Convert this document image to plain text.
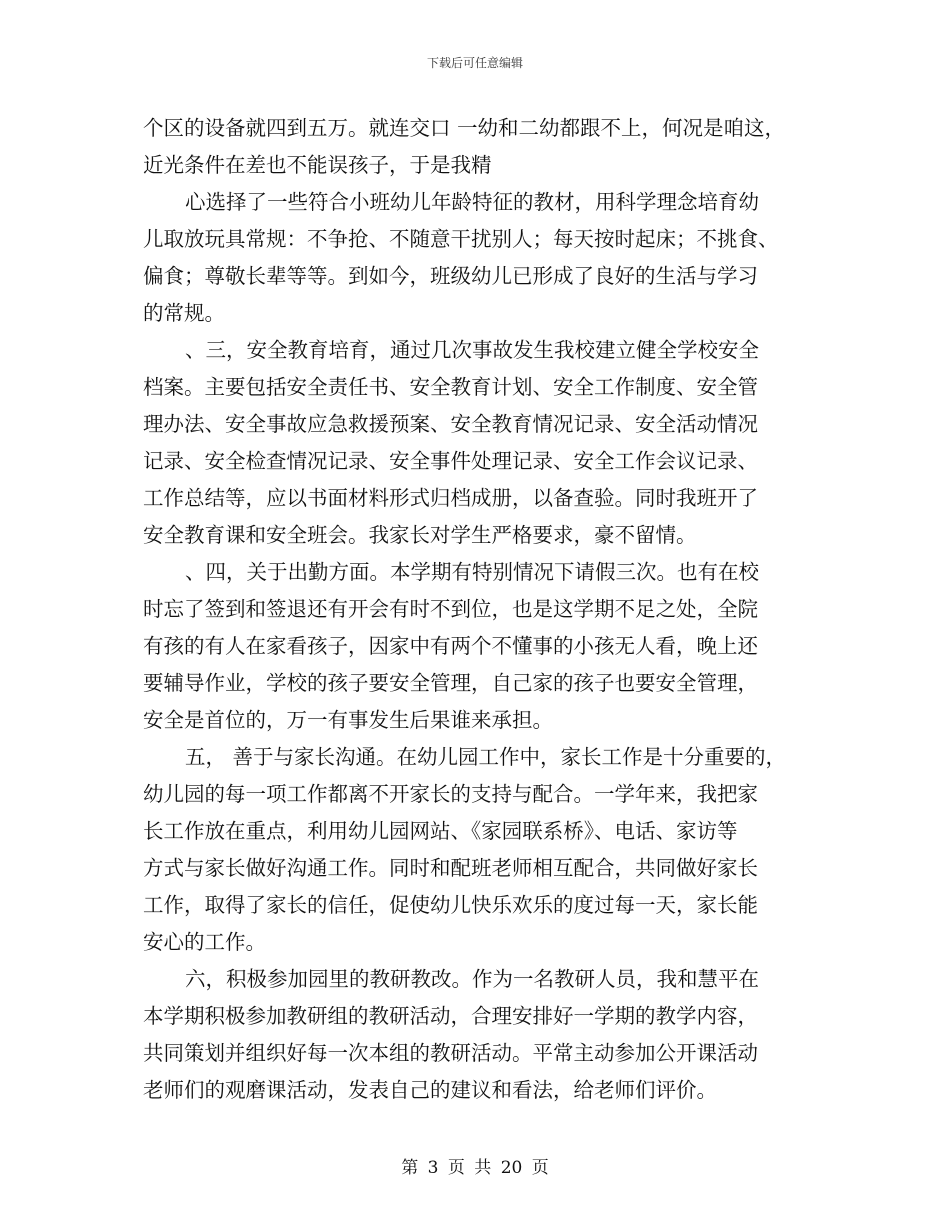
下载后可任意编辑
个区的设备就四到五万。就连交口 一幼和二幼都跟不上，何况是咱这，
近光条件在差也不能误孩子，于是我精
心选择了一些符合小班幼儿年龄特征的教材，用科学理念培育幼
儿取放玩具常规：不争抢、不随意干扰别人；每天按时起床；不挑食、
偏食；尊敬长辈等等。到如今，班级幼儿已形成了良好的生活与学习
的常规。
、三，安全教育培育，通过几次事故发生我校建立健全学校安全
档案。主要包括安全责任书、安全教育计划、安全工作制度、安全管
理办法、安全事故应急救援预案、安全教育情况记录、安全活动情况
记录、安全检查情况记录、安全事件处理记录、安全工作会议记录、
工作总结等，应以书面材料形式归档成册，以备查验。同时我班开了
安全教育课和安全班会。我家长对学生严格要求，豪不留情。
、四，关于出勤方面。本学期有特别情况下请假三次。也有在校
时忘了签到和签退还有开会有时不到位，也是这学期不足之处，全院
有孩的有人在家看孩子，因家中有两个不懂事的小孩无人看，晚上还
要辅导作业，学校的孩子要安全管理，自己家的孩子也要安全管理，
安全是首位的，万一有事发生后果谁来承担。
五， 善于与家长沟通。在幼儿园工作中，家长工作是十分重要的，
幼儿园的每一项工作都离不开家长的支持与配合。一学年来，我把家
长工作放在重点，利用幼儿园网站、《家园联系桥》、电话、家访等
方式与家长做好沟通工作。同时和配班老师相互配合，共同做好家长
工作，取得了家长的信任，促使幼儿快乐欢乐的度过每一天，家长能
安心的工作。
六，积极参加园里的教研教改。作为一名教研人员，我和慧平在
本学期积极参加教研组的教研活动，合理安排好一学期的教学内容，
共同策划并组织好每一次本组的教研活动。平常主动参加公开课活动
老师们的观磨课活动，发表自己的建议和看法，给老师们评价。
第 3 页 共 20 页
